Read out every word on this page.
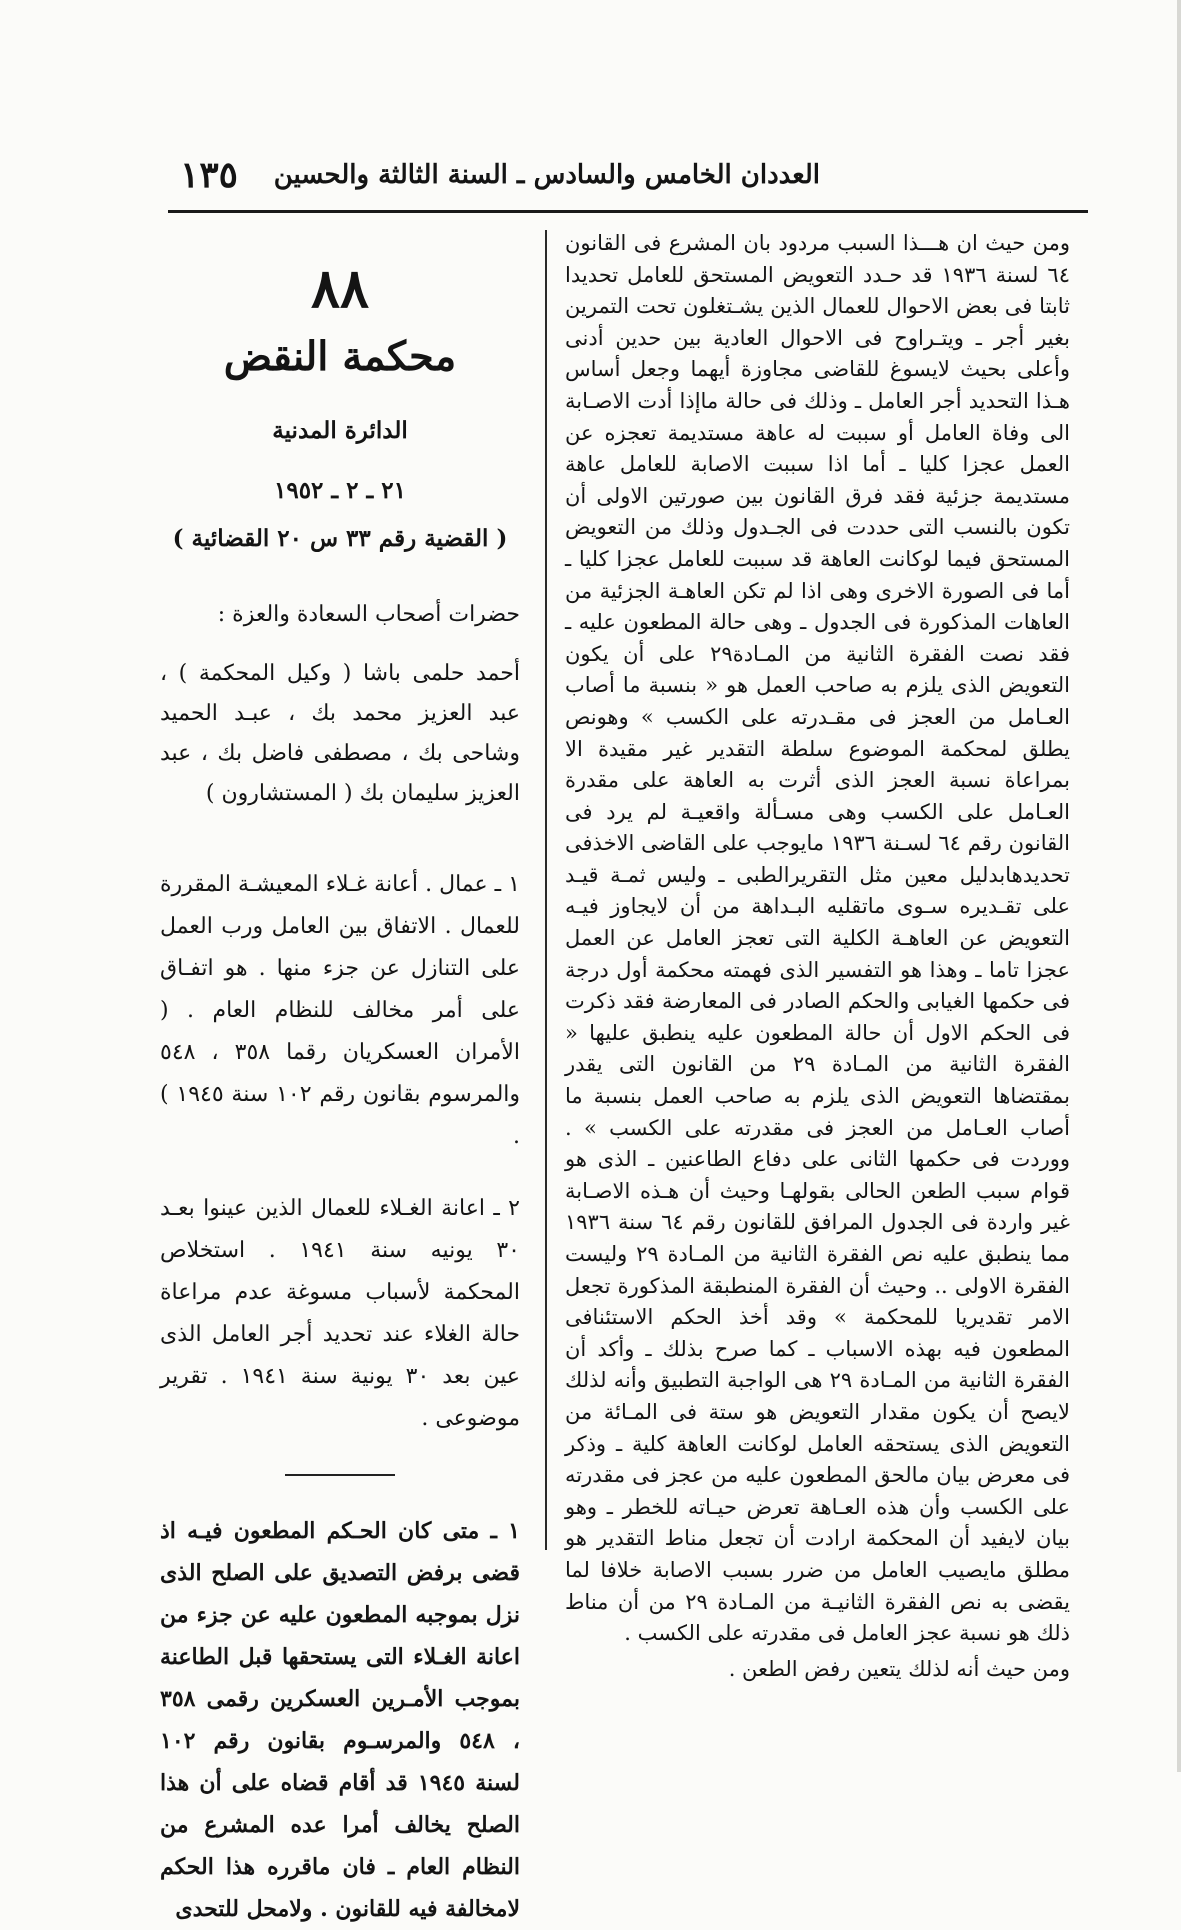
١٣٥ العددان الخامس والسادس ـ السنة الثالثة والحسين

ومن حيث ان هـــذا السبب مردود بان المشرع فى القانون ٦٤ لسنة ١٩٣٦ قد حـدد التعويض المستحق للعامل تحديدا ثابتا فى بعض الاحوال للعمال الذين يشـتغلون تحت التمرين بغير أجر ـ ويتـراوح فى الاحوال العادية بين حدين أدنى وأعلى بحيث لايسوغ للقاضى مجاوزة أيهما وجعل أساس هـذا التحديد أجر العامل ـ وذلك فى حالة ماإذا أدت الاصـابة الى وفاة العامل أو سببت له عاهة مستديمة تعجزه عن العمل عجزا كليا ـ أما اذا سببت الاصابة للعامل عاهة مستديمة جزئية فقد فرق القانون بين صورتين الاولى أن تكون بالنسب التى حددت فى الجـدول وذلك من التعويض المستحق فيما لوكانت العاهة قد سببت للعامل عجزا كليا ـ أما فى الصورة الاخرى وهى اذا لم تكن العاهـة الجزئية من العاهات المذكورة فى الجدول ـ وهى حالة المطعون عليه ـ فقد نصت الفقرة الثانية من المـادة٢٩ على أن يكون التعويض الذى يلزم به صاحب العمل هو « بنسبة ما أصاب العـامل من العجز فى مقـدرته على الكسب » وهونص يطلق لمحكمة الموضوع سلطة التقدير غير مقيدة الا بمراعاة نسبة العجز الذى أثرت به العاهة على مقدرة العـامل على الكسب وهى مسـألة واقعيـة لم يرد فى القانون رقم ٦٤ لسـنة ١٩٣٦ مايوجب على القاضى الاخذفى تحديدهابدليل معين مثل التقريرالطبى ـ وليس ثمـة قيـد على تقـديره سـوى ماتقليه البـداهة من أن لايجاوز فيـه التعويض عن العاهـة الكلية التى تعجز العامل عن العمل عجزا تاما ـ وهذا هو التفسير الذى فهمته محكمة أول درجة فى حكمها الغيابى والحكم الصادر فى المعارضة فقد ذكرت فى الحكم الاول أن حالة المطعون عليه ينطبق عليها « الفقرة الثانية من المـادة ٢٩ من القانون التى يقدر بمقتضاها التعويض الذى يلزم به صاحب العمل بنسبة ما أصاب العـامل من العجز فى مقدرته على الكسب » . ووردت فى حكمها الثانى على دفاع الطاعنين ـ الذى هو قوام سبب الطعن الحالى بقولهـا وحيث أن هـذه الاصـابة غير واردة فى الجدول المرافق للقانون رقم ٦٤ سنة ١٩٣٦ مما ينطبق عليه نص الفقرة الثانية من المـادة ٢٩ وليست الفقرة الاولى .. وحيث أن الفقرة المنطبقة المذكورة تجعل الامر تقديريا للمحكمة » وقد أخذ الحكم الاستئنافى المطعون فيه بهذه الاسباب ـ كما صرح بذلك ـ وأكد أن الفقرة الثانية من المـادة ٢٩ هى الواجبة التطبيق وأنه لذلك لايصح أن يكون مقدار التعويض هو ستة فى المـائة من التعويض الذى يستحقه العامل لوكانت العاهة كلية ـ وذكر فى معرض بيان مالحق المطعون عليه من عجز فى مقدرته على الكسب وأن هذه العـاهة تعرض حيـاته للخطر ـ وهو بيان لايفيد أن المحكمة ارادت أن تجعل مناط التقدير هو مطلق مايصيب العامل من ضرر بسبب الاصابة خلافا لما يقضى به نص الفقرة الثانيـة من المـادة ٢٩ من أن مناط ذلك هو نسبة عجز العامل فى مقدرته على الكسب .

ومن حيث أنه لذلك يتعين رفض الطعن .

٨٨
محكمة النقض
الدائرة المدنية
٢١ ـ ٢ ـ ١٩٥٢
( القضية رقم ٣٣ س ٢٠ القضائية )
حضرات أصحاب السعادة والعزة :
أحمد حلمى باشا ( وكيل المحكمة ) ، عبد العزيز محمد بك ، عبـد الحميد وشاحى بك ، مصطفى فاضل بك ، عبد العزيز سليمان بك ( المستشارون )
١ ـ عمال . أعانة غـلاء المعيشـة المقررة للعمال . الاتفاق بين العامل ورب العمل على التنازل عن جزء منها . هو اتفـاق على أمر مخالف للنظام العام . ( الأمران العسكريان رقما ٣٥٨ ، ٥٤٨ والمرسوم بقانون رقم ١٠٢ سنة ١٩٤٥ ) .
٢ ـ اعانة الغـلاء للعمال الذين عينوا بعـد ٣٠ يونيه سنة ١٩٤١ . استخلاص المحكمة لأسباب مسوغة عدم مراعاة حالة الغلاء عند تحديد أجر العامل الذى عين بعد ٣٠ يونية سنة ١٩٤١ . تقرير موضوعى .
١ ـ متى كان الحـكم المطعون فيـه اذ قضى برفض التصديق على الصلح الذى نزل بموجبه المطعون عليه عن جزء من اعانة الغـلاء التى يستحقها قبل الطاعنة بموجب الأمـرين العسكرين رقمى ٣٥٨ ، ٥٤٨ والمرسـوم بقانون رقم ١٠٢ لسنة ١٩٤٥ قد أقام قضاه على أن هذا الصلح يخالف أمرا عده المشرع من النظام العام ـ فان ماقرره هذا الحكم لامخالفة فيه للقانون . ولامحل للتحدى
